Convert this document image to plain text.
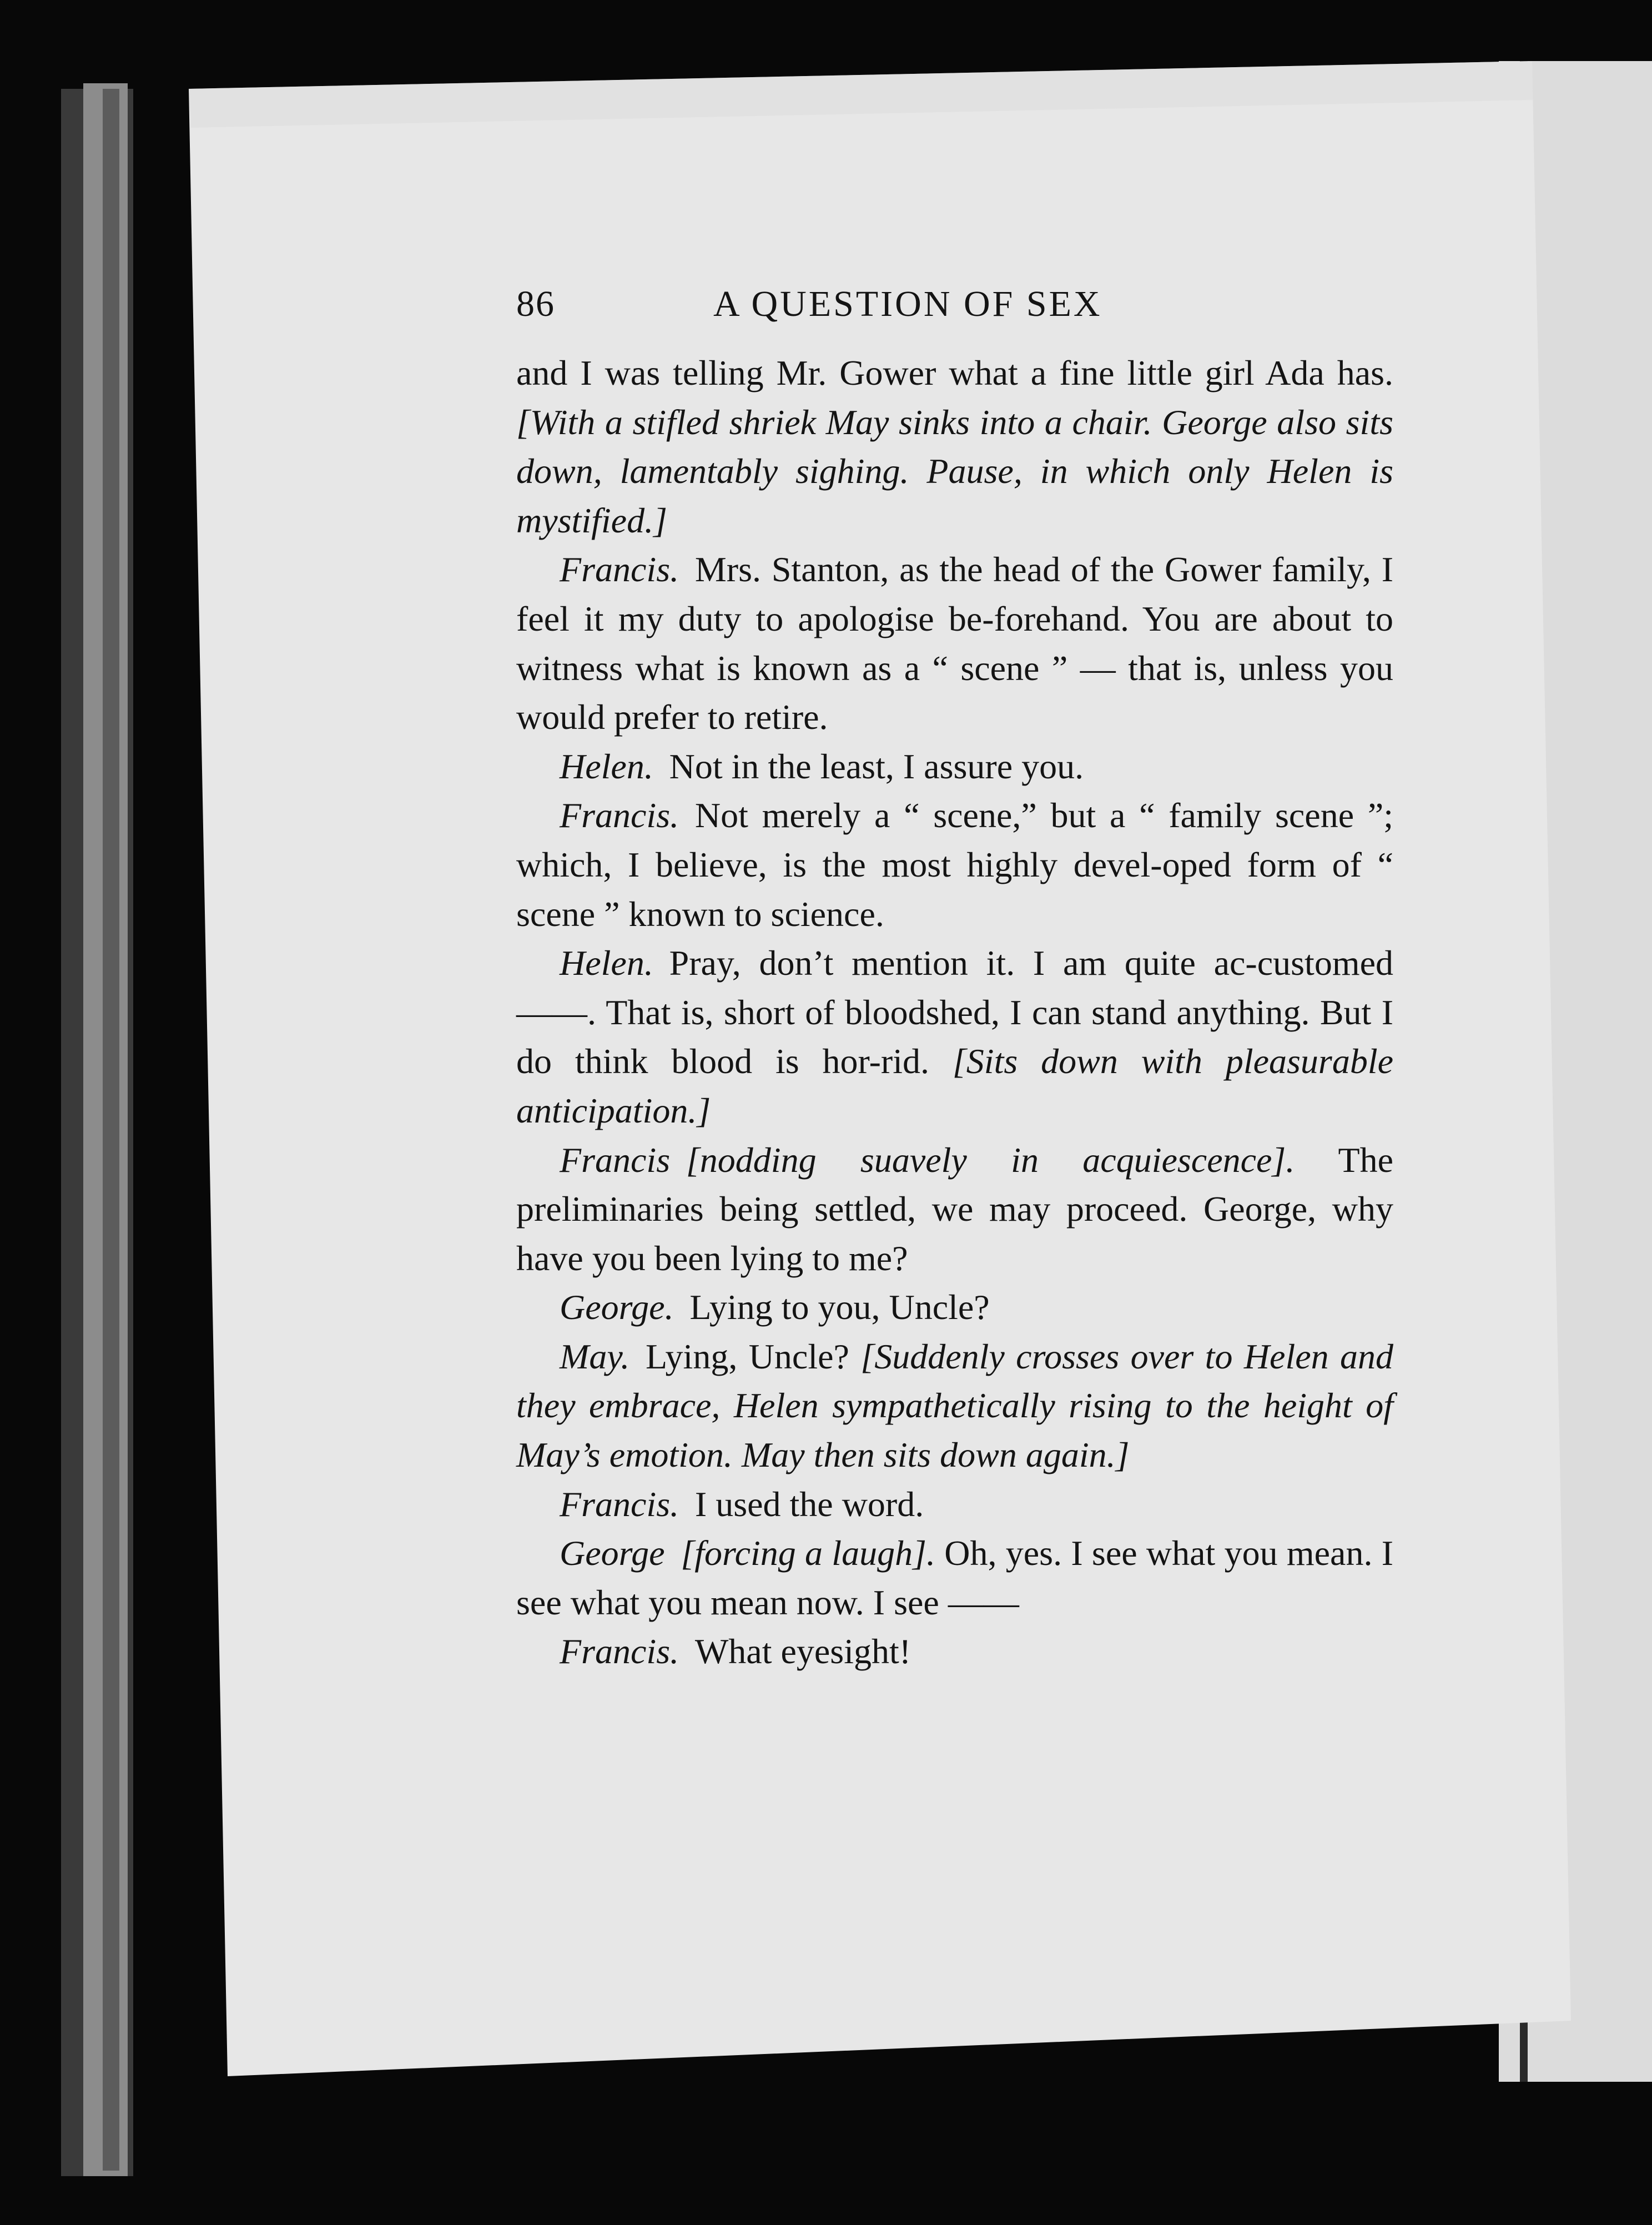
86	A QUESTION OF SEX

and I was telling Mr. Gower what a fine little girl Ada has. [With a stifled shriek May sinks into a chair. George also sits down, lamentably sighing. Pause, in which only Helen is mystified.]

Francis. Mrs. Stanton, as the head of the Gower family, I feel it my duty to apologise be-forehand. You are about to witness what is known as a “ scene ” — that is, unless you would prefer to retire.

Helen. Not in the least, I assure you.

Francis. Not merely a “ scene,” but a “ family scene ”; which, I believe, is the most highly devel-oped form of “ scene ” known to science.

Helen. Pray, don’t mention it. I am quite ac-customed ——. That is, short of bloodshed, I can stand anything. But I do think blood is hor-rid. [Sits down with pleasurable anticipation.]

Francis [nodding suavely in acquiescence]. The preliminaries being settled, we may proceed. George, why have you been lying to me?

George. Lying to you, Uncle?

May. Lying, Uncle? [Suddenly crosses over to Helen and they embrace, Helen sympathetically rising to the height of May’s emotion. May then sits down again.]

Francis. I used the word.

George [forcing a laugh]. Oh, yes. I see what you mean. I see what you mean now. I see ——

Francis. What eyesight!
